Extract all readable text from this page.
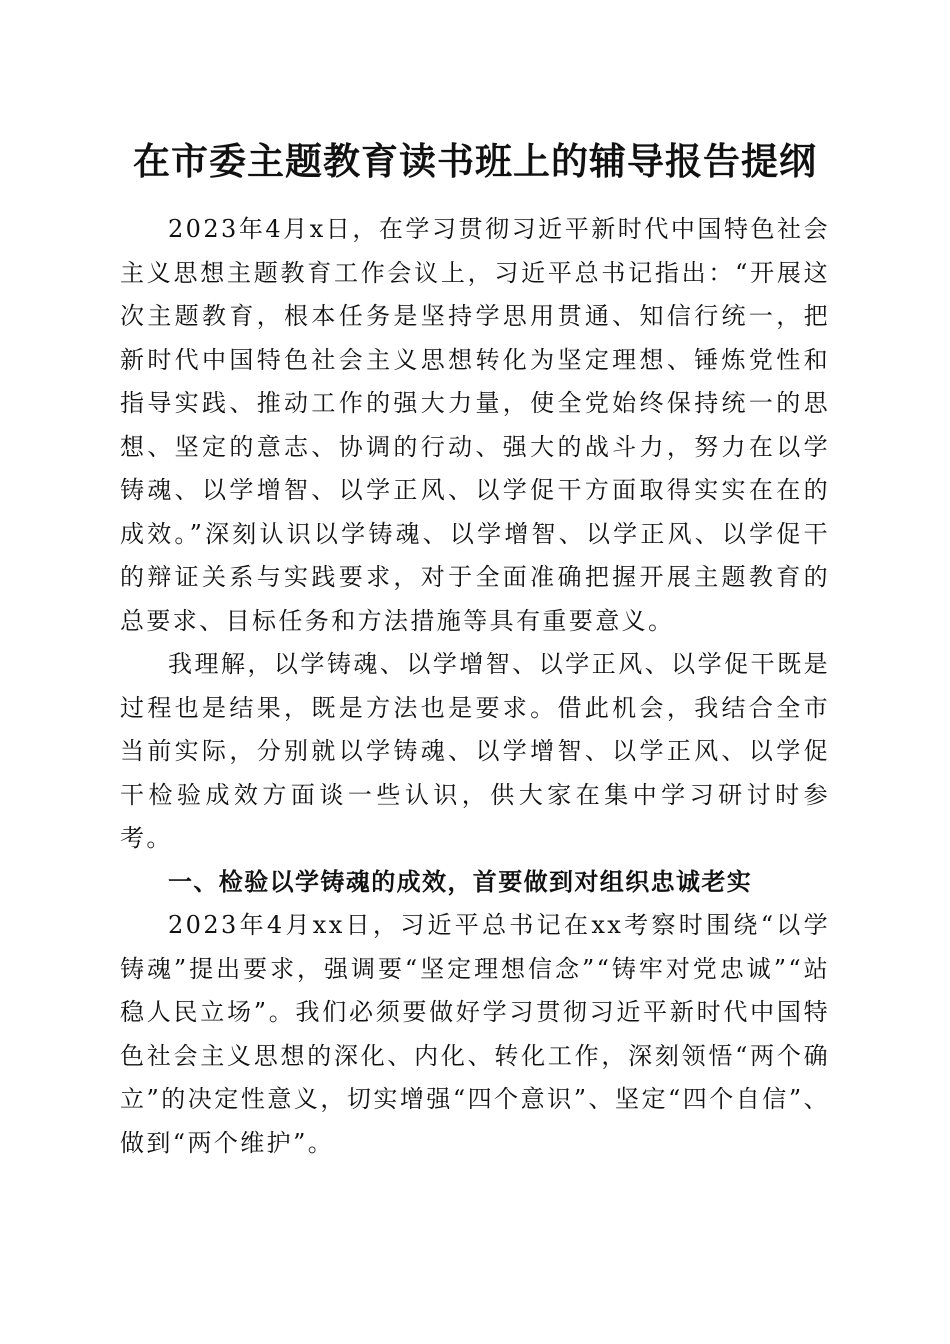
在市委主题教育读书班上的辅导报告提纲

2023年4月x日，在学习贯彻习近平新时代中国特色社会主义思想主题教育工作会议上，习近平总书记指出：“开展这次主题教育，根本任务是坚持学思用贯通、知信行统一，把新时代中国特色社会主义思想转化为坚定理想、锤炼党性和指导实践、推动工作的强大力量，使全党始终保持统一的思想、坚定的意志、协调的行动、强大的战斗力，努力在以学铸魂、以学增智、以学正风、以学促干方面取得实实在在的成效。”深刻认识以学铸魂、以学增智、以学正风、以学促干的辩证关系与实践要求，对于全面准确把握开展主题教育的总要求、目标任务和方法措施等具有重要意义。

我理解，以学铸魂、以学增智、以学正风、以学促干既是过程也是结果，既是方法也是要求。借此机会，我结合全市当前实际，分别就以学铸魂、以学增智、以学正风、以学促干检验成效方面谈一些认识，供大家在集中学习研讨时参考。

一、检验以学铸魂的成效，首要做到对组织忠诚老实

2023年4月xx日，习近平总书记在xx考察时围绕“以学铸魂”提出要求，强调要“坚定理想信念”“铸牢对党忠诚”“站稳人民立场”。我们必须要做好学习贯彻习近平新时代中国特色社会主义思想的深化、内化、转化工作，深刻领悟“两个确立”的决定性意义，切实增强“四个意识”、坚定“四个自信”、做到“两个维护”。
